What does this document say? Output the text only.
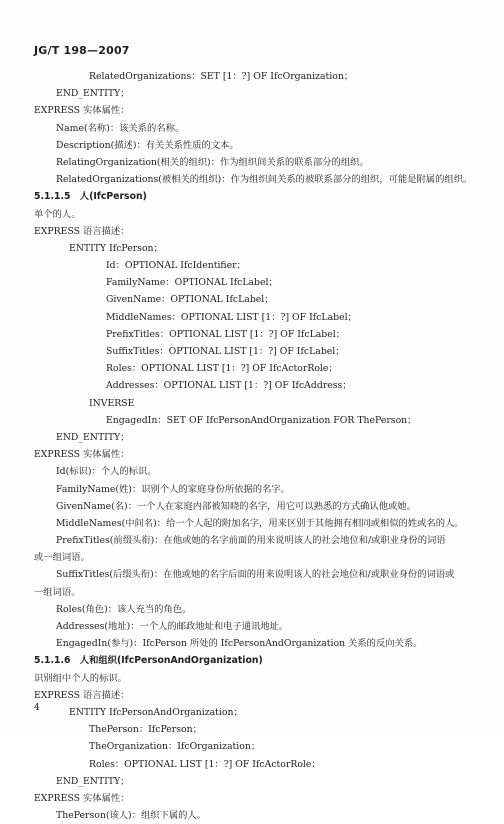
JG/T 198—2007
RelatedOrganizations：SET [1：?] OF IfcOrganization；
END_ENTITY；
EXPRESS 实体属性：
Name(名称)：该关系的名称。
Description(描述)：有关关系性质的文本。
RelatingOrganization(相关的组织)：作为组织间关系的联系部分的组织。
RelatedOrganizations(被相关的组织)：作为组织间关系的被联系部分的组织，可能是附属的组织。
5.1.1.5　人(IfcPerson)
单个的人。
EXPRESS 语言描述：
ENTITY IfcPerson；
Id：OPTIONAL IfcIdentifier；
FamilyName：OPTIONAL IfcLabel；
GivenName：OPTIONAL IfcLabel；
MiddleNames：OPTIONAL LIST [1：?] OF IfcLabel；
PrefixTitles：OPTIONAL LIST [1：?] OF IfcLabel；
SuffixTitles：OPTIONAL LIST [1：?] OF IfcLabel；
Roles：OPTIONAL LIST [1：?] OF IfcActorRole；
Addresses：OPTIONAL LIST [1：?] OF IfcAddress；
INVERSE
EngagedIn：SET OF IfcPersonAndOrganization FOR ThePerson；
END_ENTITY；
EXPRESS 实体属性：
Id(标识)：个人的标识。
FamilyName(姓)：识别个人的家庭身份所依据的名字。
GivenName(名)：一个人在家庭内部被知晓的名字，用它可以熟悉的方式确认他或她。
MiddleNames(中间名)：给一个人起的附加名字，用来区别于其他拥有相同或相似的姓或名的人。
PrefixTitles(前缀头衔)：在他或她的名字前面的用来说明该人的社会地位和/或职业身份的词语
或一组词语。
SuffixTitles(后缀头衔)：在他或她的名字后面的用来说明该人的社会地位和/或职业身份的词语或
一组词语。
Roles(角色)：该人充当的角色。
Addresses(地址)：一个人的邮政地址和电子通讯地址。
EngagedIn(参与)：IfcPerson 所处的 IfcPersonAndOrganization 关系的反向关系。
5.1.1.6　人和组织(IfcPersonAndOrganization)
识别组中个人的标识。
EXPRESS 语言描述：
ENTITY IfcPersonAndOrganization；
ThePerson：IfcPerson；
TheOrganization：IfcOrganization；
Roles：OPTIONAL LIST [1：?] OF IfcActorRole；
END_ENTITY；
EXPRESS 实体属性：
ThePerson(该人)：组织下属的人。
4
